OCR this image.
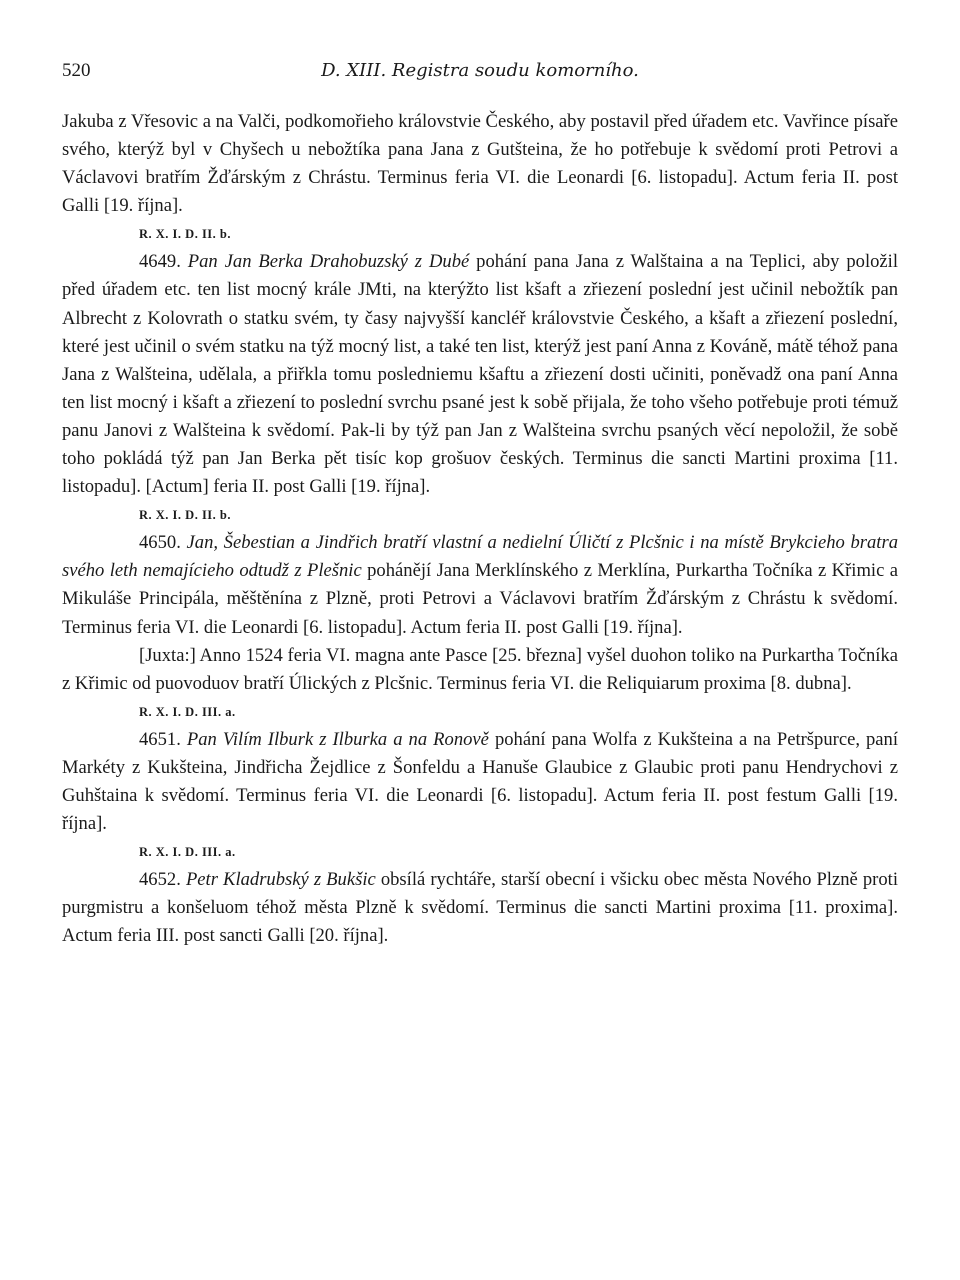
520	D. XIII. Registra soudu komorního.

Jakuba z Vřesovic a na Valči, podkomořieho královstvie Českého, aby postavil před úřadem etc. Vavřince písaře svého, kterýž byl v Chyšech u nebožtíka pana Jana z Gutšteina, že ho potřebuje k svědomí proti Petrovi a Václavovi bratřím Žďárským z Chrástu. Terminus feria VI. die Leonardi [6. listopadu]. Actum feria II. post Galli [19. října].

R. X. I. D. II. b.

4649. Pan Jan Berka Drahobuzský z Dubé pohání pana Jana z Walštaina a na Teplici, aby položil před úřadem etc. ten list mocný krále JMti, na kterýžto list kšaft a zřiezení poslední jest učinil nebožtík pan Albrecht z Kolovrath o statku svém, ty časy najvyšší kancléř královstvie Českého, a kšaft a zřiezení poslední, které jest učinil o svém statku na týž mocný list, a také ten list, kterýž jest paní Anna z Kováně, mátě téhož pana Jana z Walšteina, udělala, a přiřkla tomu posledniemu kšaftu a zřiezení dosti učiniti, poněvadž ona paní Anna ten list mocný i kšaft a zřiezení to poslední svrchu psané jest k sobě přijala, že toho všeho potřebuje proti témuž panu Janovi z Walšteina k svědomí. Pak-li by týž pan Jan z Walšteina svrchu psaných věcí nepoložil, že sobě toho pokládá týž pan Jan Berka pět tisíc kop grošuov českých. Terminus die sancti Martini proxima [11. listopadu]. [Actum] feria II. post Galli [19. října].

R. X. I. D. II. b.

4650. Jan, Šebestian a Jindřich bratří vlastní a nedielní Úličtí z Plcšnic i na místě Brykcieho bratra svého leth nemajícieho odtudž z Plešnic pohánějí Jana Merklínského z Merklína, Purkartha Točníka z Křimic a Mikuláše Principála, měštěnína z Plzně, proti Petrovi a Václavovi bratřím Žďárským z Chrástu k svědomí. Terminus feria VI. die Leonardi [6. listopadu]. Actum feria II. post Galli [19. října].

[Juxta:] Anno 1524 feria VI. magna ante Pasce [25. března] vyšel duohon toliko na Purkartha Točníka z Křimic od puovoduov bratří Úlických z Plcšnic. Terminus feria VI. die Reliquiarum proxima [8. dubna].

R. X. I. D. III. a.

4651. Pan Vilím Ilburk z Ilburka a na Ronově pohání pana Wolfa z Kukšteina a na Petršpurce, paní Markéty z Kukšteina, Jindřicha Žejdlice z Šonfeldu a Hanuše Glaubice z Glaubic proti panu Hendrychovi z Guhštaina k svědomí. Terminus feria VI. die Leonardi [6. listopadu]. Actum feria II. post festum Galli [19. října].

R. X. I. D. III. a.

4652. Petr Kladrubský z Bukšic obsílá rychtáře, starší obecní i všicku obec města Nového Plzně proti purgmistru a konšeluom téhož města Plzně k svědomí. Terminus die sancti Martini proxima [11. proxima]. Actum feria III. post sancti Galli [20. října].
